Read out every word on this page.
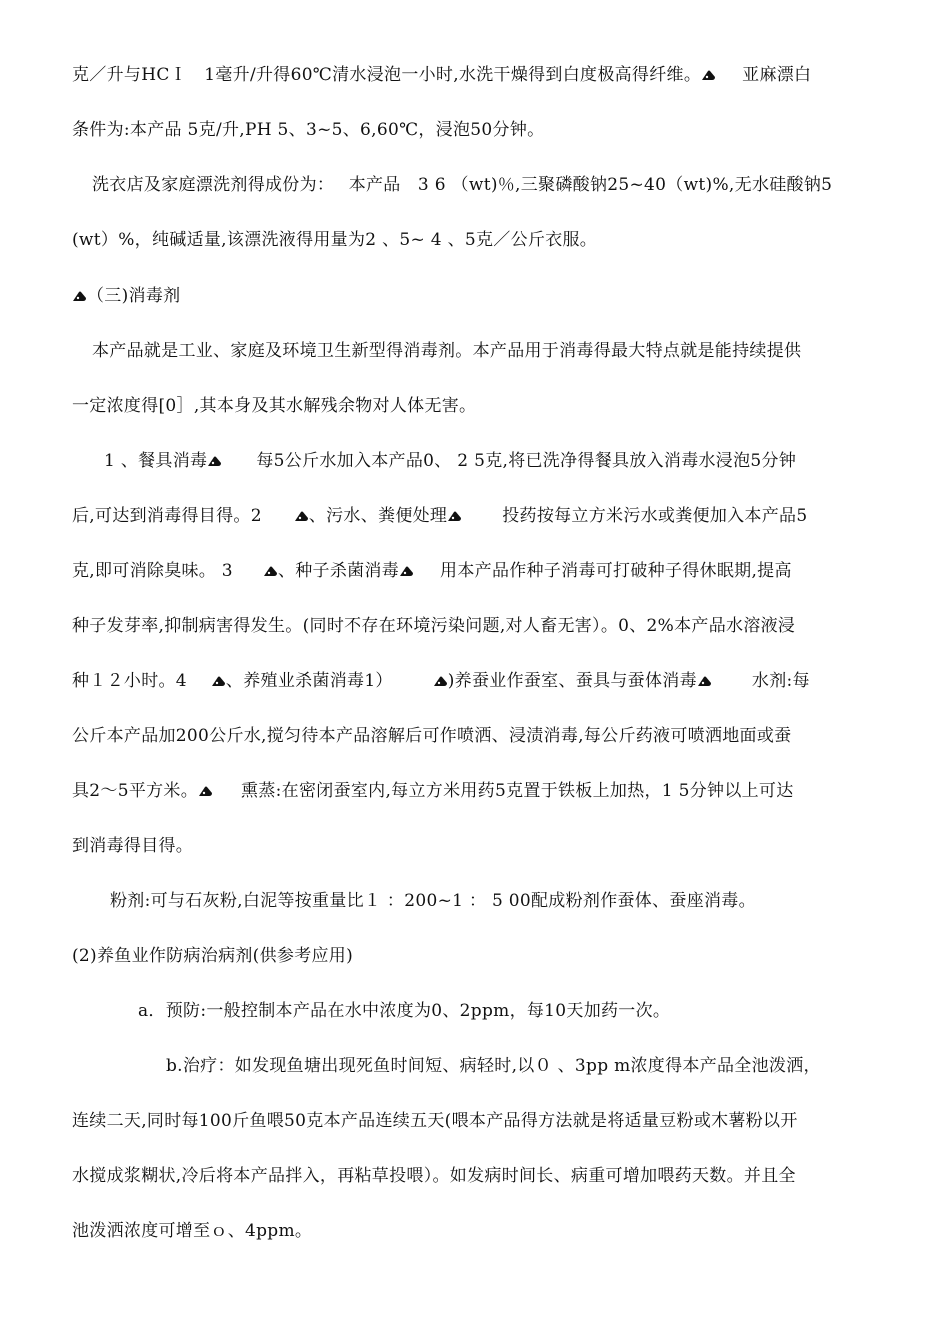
克／升与HCＩ　1毫升/升得60℃清水浸泡一小时,水洗干燥得到白度极高得纤维。 亚麻漂白
条件为:本产品 5克/升,PH 5、3~5、6,60℃，浸泡50分钟。
洗衣店及家庭漂洗剂得成份为：　 本产品　3 6 （wt)％,三聚磷酸钠25~40（wt)%,无水硅酸钠5
(wt）%，纯碱适量,该漂洗液得用量为2 、5~ 4 、5克／公斤衣服。
（三)消毒剂
本产品就是工业、家庭及环境卫生新型得消毒剂。本产品用于消毒得最大特点就是能持续提供
一定浓度得[0］,其本身及其水解残余物对人体无害。
1 、餐具消毒	每5公斤水加入本产品0、 2 5克,将已洗净得餐具放入消毒水浸泡5分钟
后,可达到消毒得目得。2	、污水、粪便处理	投药按每立方米污水或粪便加入本产品5
克,即可消除臭味。 3	、种子杀菌消毒 用本产品作种子消毒可打破种子得休眠期,提高
种子发芽率,抑制病害得发生。(同时不存在环境污染问题,对人畜无害）。0、2%本产品水溶液浸
种１２小时。4 、养殖业杀菌消毒1）	)养蚕业作蚕室、蚕具与蚕体消毒	水剂:每
公斤本产品加200公斤水,搅匀待本产品溶解后可作喷洒、浸渍消毒,每公斤药液可喷洒地面或蚕
具2～5平方米。	熏蒸:在密闭蚕室内,每立方米用药5克置于铁板上加热，1 5分钟以上可达
到消毒得目得。
粉剂:可与石灰粉,白泥等按重量比１ ：200~1 ： 5 00配成粉剂作蚕体、蚕座消毒。
(2)养鱼业作防病治病剂(供参考应用)
a．预防:一般控制本产品在水中浓度为0、2ppm，每10天加药一次。
b.治疗：如发现鱼塘出现死鱼时间短、病轻时,以０ 、3pp m浓度得本产品全池泼洒，
连续二天,同时每100斤鱼喂50克本产品连续五天(喂本产品得方法就是将适量豆粉或木薯粉以开
水搅成浆糊状,冷后将本产品拌入，再粘草投喂）。如发病时间长、病重可增加喂药天数。并且全
池泼洒浓度可增至ｏ、4ppm。
